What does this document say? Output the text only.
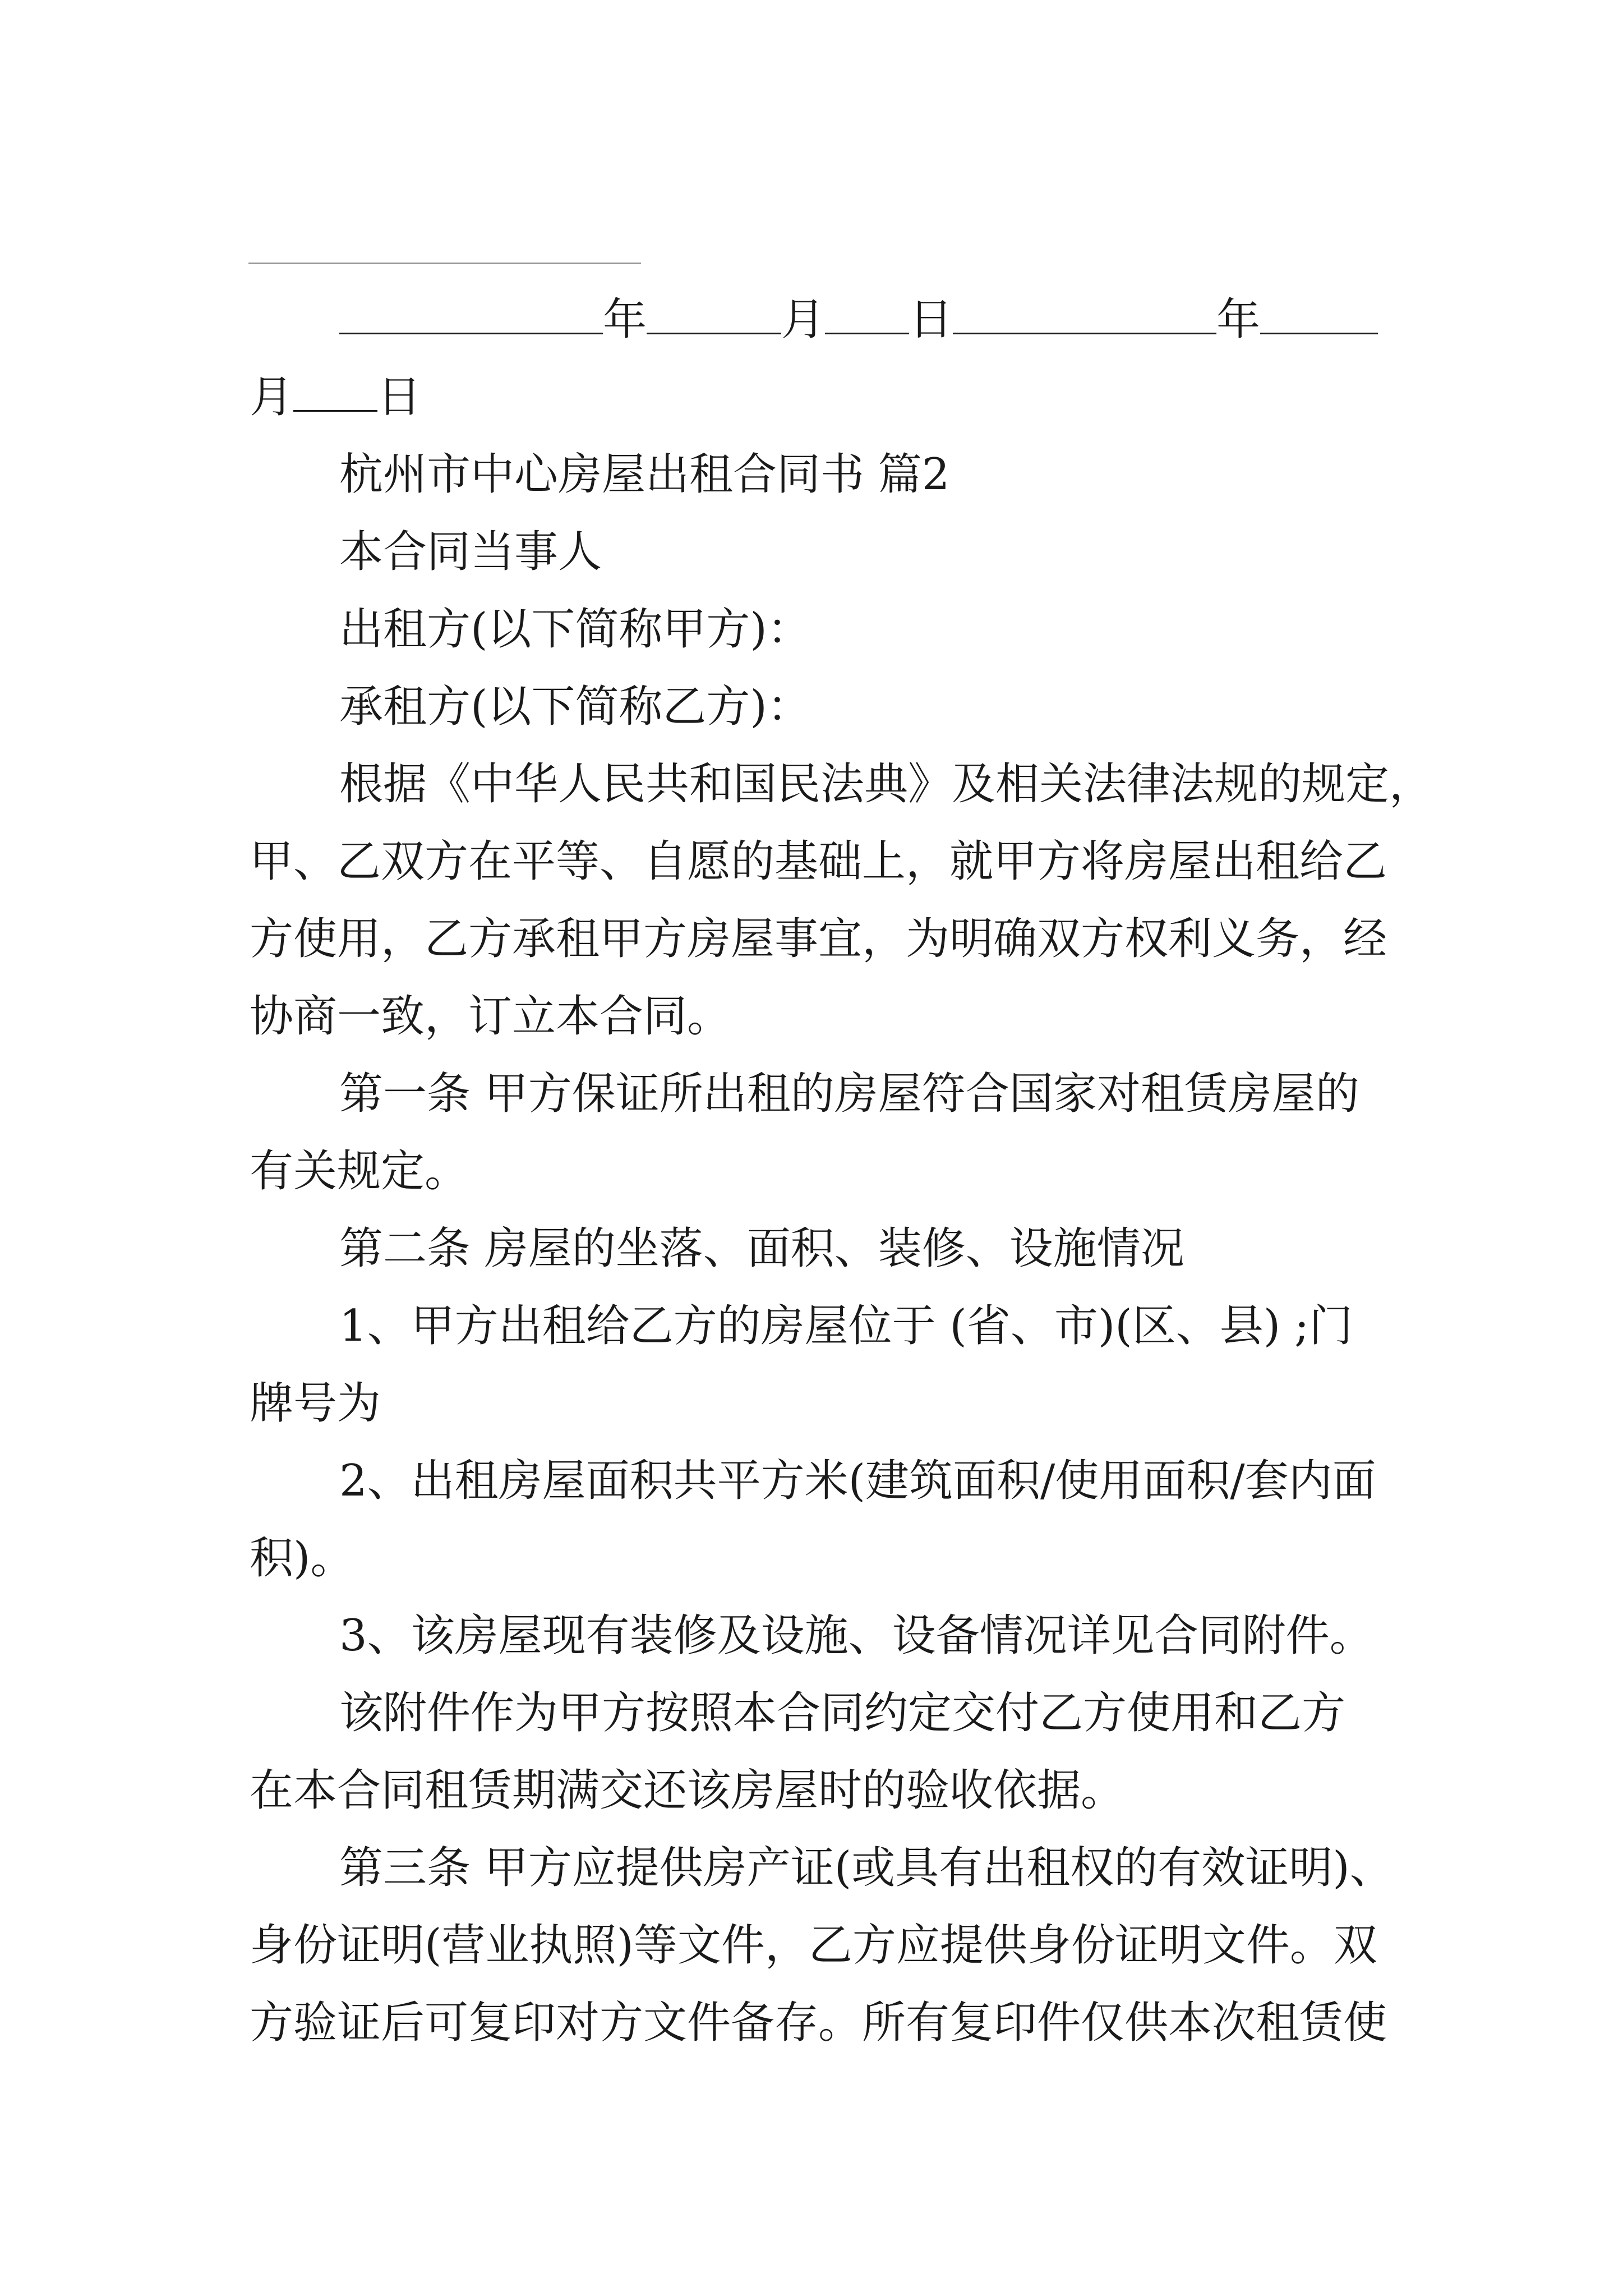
年	月 日	年
月 日
杭州市中心房屋出租合同书 篇2
本合同当事人
出租方(以下简称甲方)：
承租方(以下简称乙方)：
根据《中华人民共和国民法典》及相关法律法规的规定，
甲、乙双方在平等、自愿的基础上，就甲方将房屋出租给乙
方使用，乙方承租甲方房屋事宜，为明确双方权利义务，经
协商一致，订立本合同。
第一条 甲方保证所出租的房屋符合国家对租赁房屋的
有关规定。
第二条 房屋的坐落、面积、装修、设施情况
1、甲方出租给乙方的房屋位于 (省、市)(区、县) ;门
牌号为
2、出租房屋面积共平方米(建筑面积/使用面积/套内面
积)。
3、该房屋现有装修及设施、设备情况详见合同附件。
该附件作为甲方按照本合同约定交付乙方使用和乙方
在本合同租赁期满交还该房屋时的验收依据。
第三条 甲方应提供房产证(或具有出租权的有效证明)、
身份证明(营业执照)等文件，乙方应提供身份证明文件。双
方验证后可复印对方文件备存。所有复印件仅供本次租赁使
